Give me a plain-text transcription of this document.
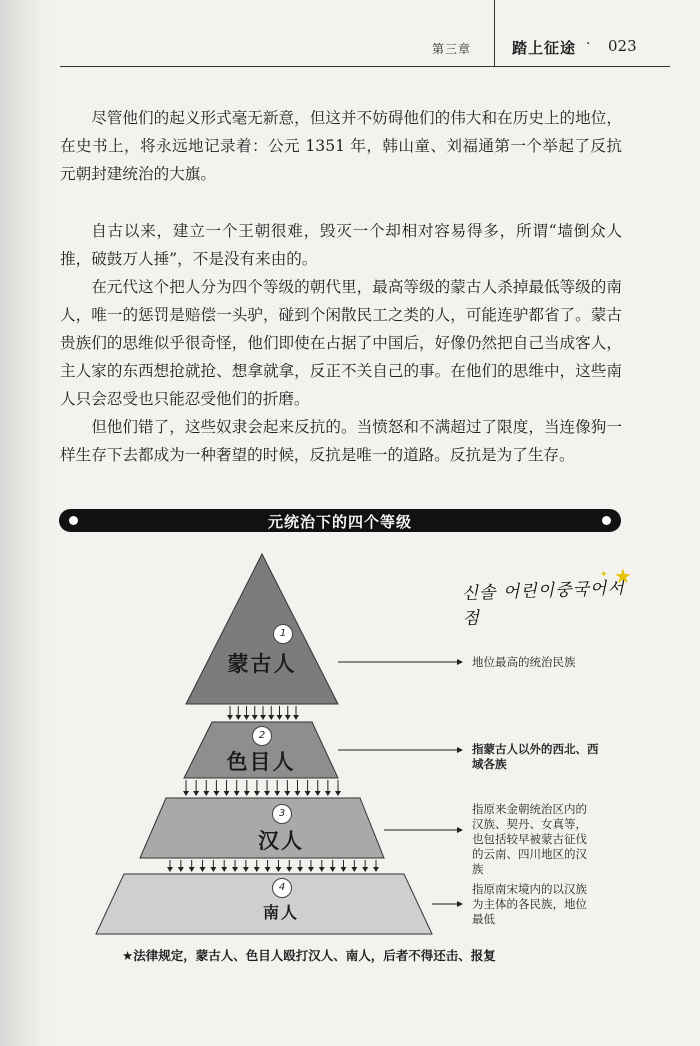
第三章	踏上征途 · 023

尽管他们的起义形式毫无新意，但这并不妨碍他们的伟大和在历史上的地位，在史书上，将永远地记录着：公元 1351 年，韩山童、刘福通第一个举起了反抗元朝封建统治的大旗。

自古以来，建立一个王朝很难，毁灭一个却相对容易得多，所谓“墙倒众人推，破鼓万人捶”，不是没有来由的。

在元代这个把人分为四个等级的朝代里，最高等级的蒙古人杀掉最低等级的南人，唯一的惩罚是赔偿一头驴，碰到个闲散民工之类的人，可能连驴都省了。蒙古贵族们的思维似乎很奇怪，他们即使在占据了中国后，好像仍然把自己当成客人，主人家的东西想抢就抢、想拿就拿，反正不关自己的事。在他们的思维中，这些南人只会忍受也只能忍受他们的折磨。

但他们错了，这些奴隶会起来反抗的。当愤怒和不满超过了限度，当连像狗一样生存下去都成为一种奢望的时候，反抗是唯一的道路。反抗是为了生存。

元统治下的四个等级
신솔 어린이중국어서점
★
✦
1
蒙古人
2
色目人
3
汉人
4
南人
地位最高的统治民族
指蒙古人以外的西北、西域各族
指原来金朝统治区内的汉族、契丹、女真等，也包括较早被蒙古征伐的云南、四川地区的汉族
指原南宋境内的以汉族为主体的各民族，地位最低
★法律规定，蒙古人、色目人殴打汉人、南人，后者不得还击、报复
